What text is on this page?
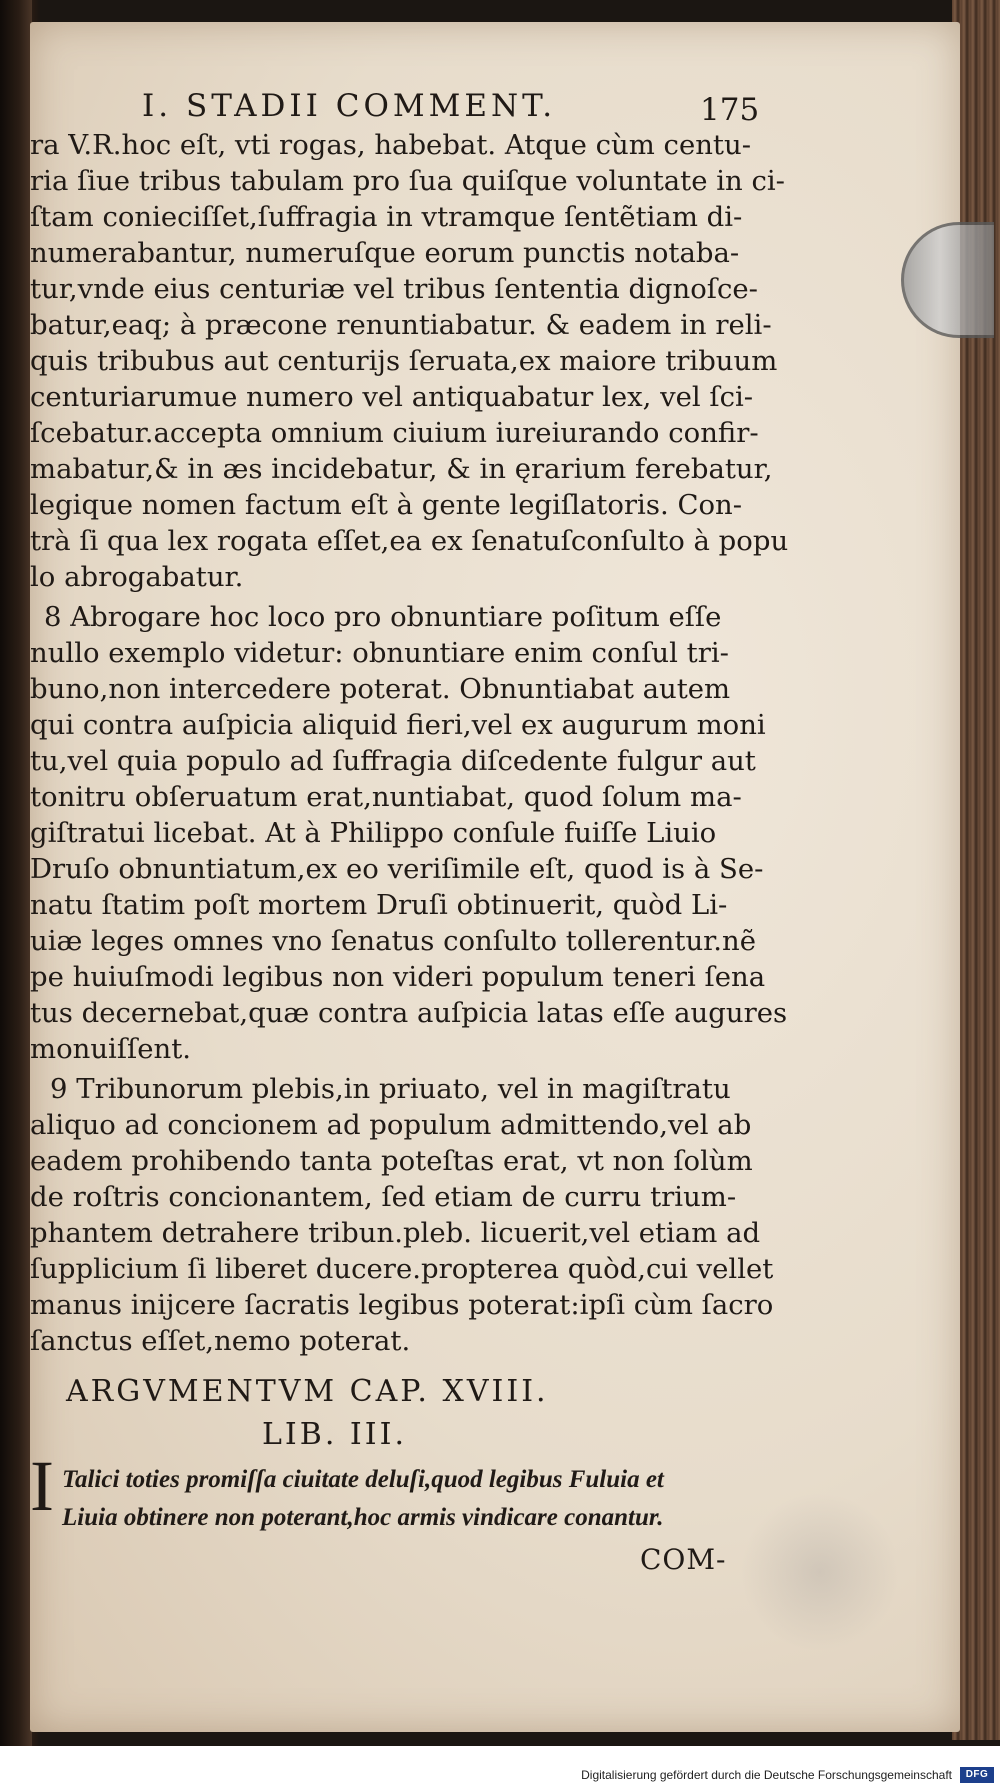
I. STADII COMMENT.	175
ra V.R.hoc eſt, vti rogas, habebat. Atque cùm centu-
ria ſiue tribus tabulam pro ſua quiſque voluntate in ci-
ſtam conieciſſet,ſuffragia in vtramque ſentẽtiam di-
numerabantur, numeruſque eorum punctis notaba-
tur,vnde eius centuriæ vel tribus ſententia dignoſce-
batur,eaq; à præcone renuntiabatur. & eadem in reli-
quis tribubus aut centurijs ſeruata,ex maiore tribuum
centuriarumue numero vel antiquabatur lex, vel ſci-
ſcebatur.accepta omnium ciuium iureiurando confir-
mabatur,& in æs incidebatur, & in ęrarium ferebatur,
legique nomen factum eſt à gente legiſlatoris. Con-
trà ſi qua lex rogata eſſet,ea ex ſenatuſconſulto à popu
lo abrogabatur.
8 Abrogare hoc loco pro obnuntiare poſitum eſſe
nullo exemplo videtur: obnuntiare enim conſul tri-
buno,non intercedere poterat. Obnuntiabat autem
qui contra auſpicia aliquid fieri,vel ex augurum moni
tu,vel quia populo ad ſuffragia diſcedente fulgur aut
tonitru obſeruatum erat,nuntiabat, quod ſolum ma-
giſtratui licebat. At à Philippo conſule fuiſſe Liuio
Druſo obnuntiatum,ex eo veriſimile eſt, quod is à Se-
natu ſtatim poſt mortem Druſi obtinuerit, quòd Li-
uiæ leges omnes vno ſenatus conſulto tollerentur.nẽ
pe huiuſmodi legibus non videri populum teneri ſena
tus decernebat,quæ contra auſpicia latas eſſe augures
monuiſſent.
9 Tribunorum plebis,in priuato, vel in magiſtratu
aliquo ad concionem ad populum admittendo,vel ab
eadem prohibendo tanta poteſtas erat, vt non ſolùm
de roſtris concionantem, ſed etiam de curru trium-
phantem detrahere tribun.pleb. licuerit,vel etiam ad
ſupplicium ſi liberet ducere.propterea quòd,cui vellet
manus inijcere ſacratis legibus poterat:ipſi cùm ſacro
ſanctus eſſet,nemo poterat.
ARGVMENTVM CAP. XVIII.
LIB. III.
I Talici toties promiſſa ciuitate deluſi,quod legibus Fuluia et
Liuia obtinere non poterant,hoc armis vindicare conantur.
COM-
Digitalisierung gefördert durch die Deutsche Forschungsgemeinschaft	DFG
